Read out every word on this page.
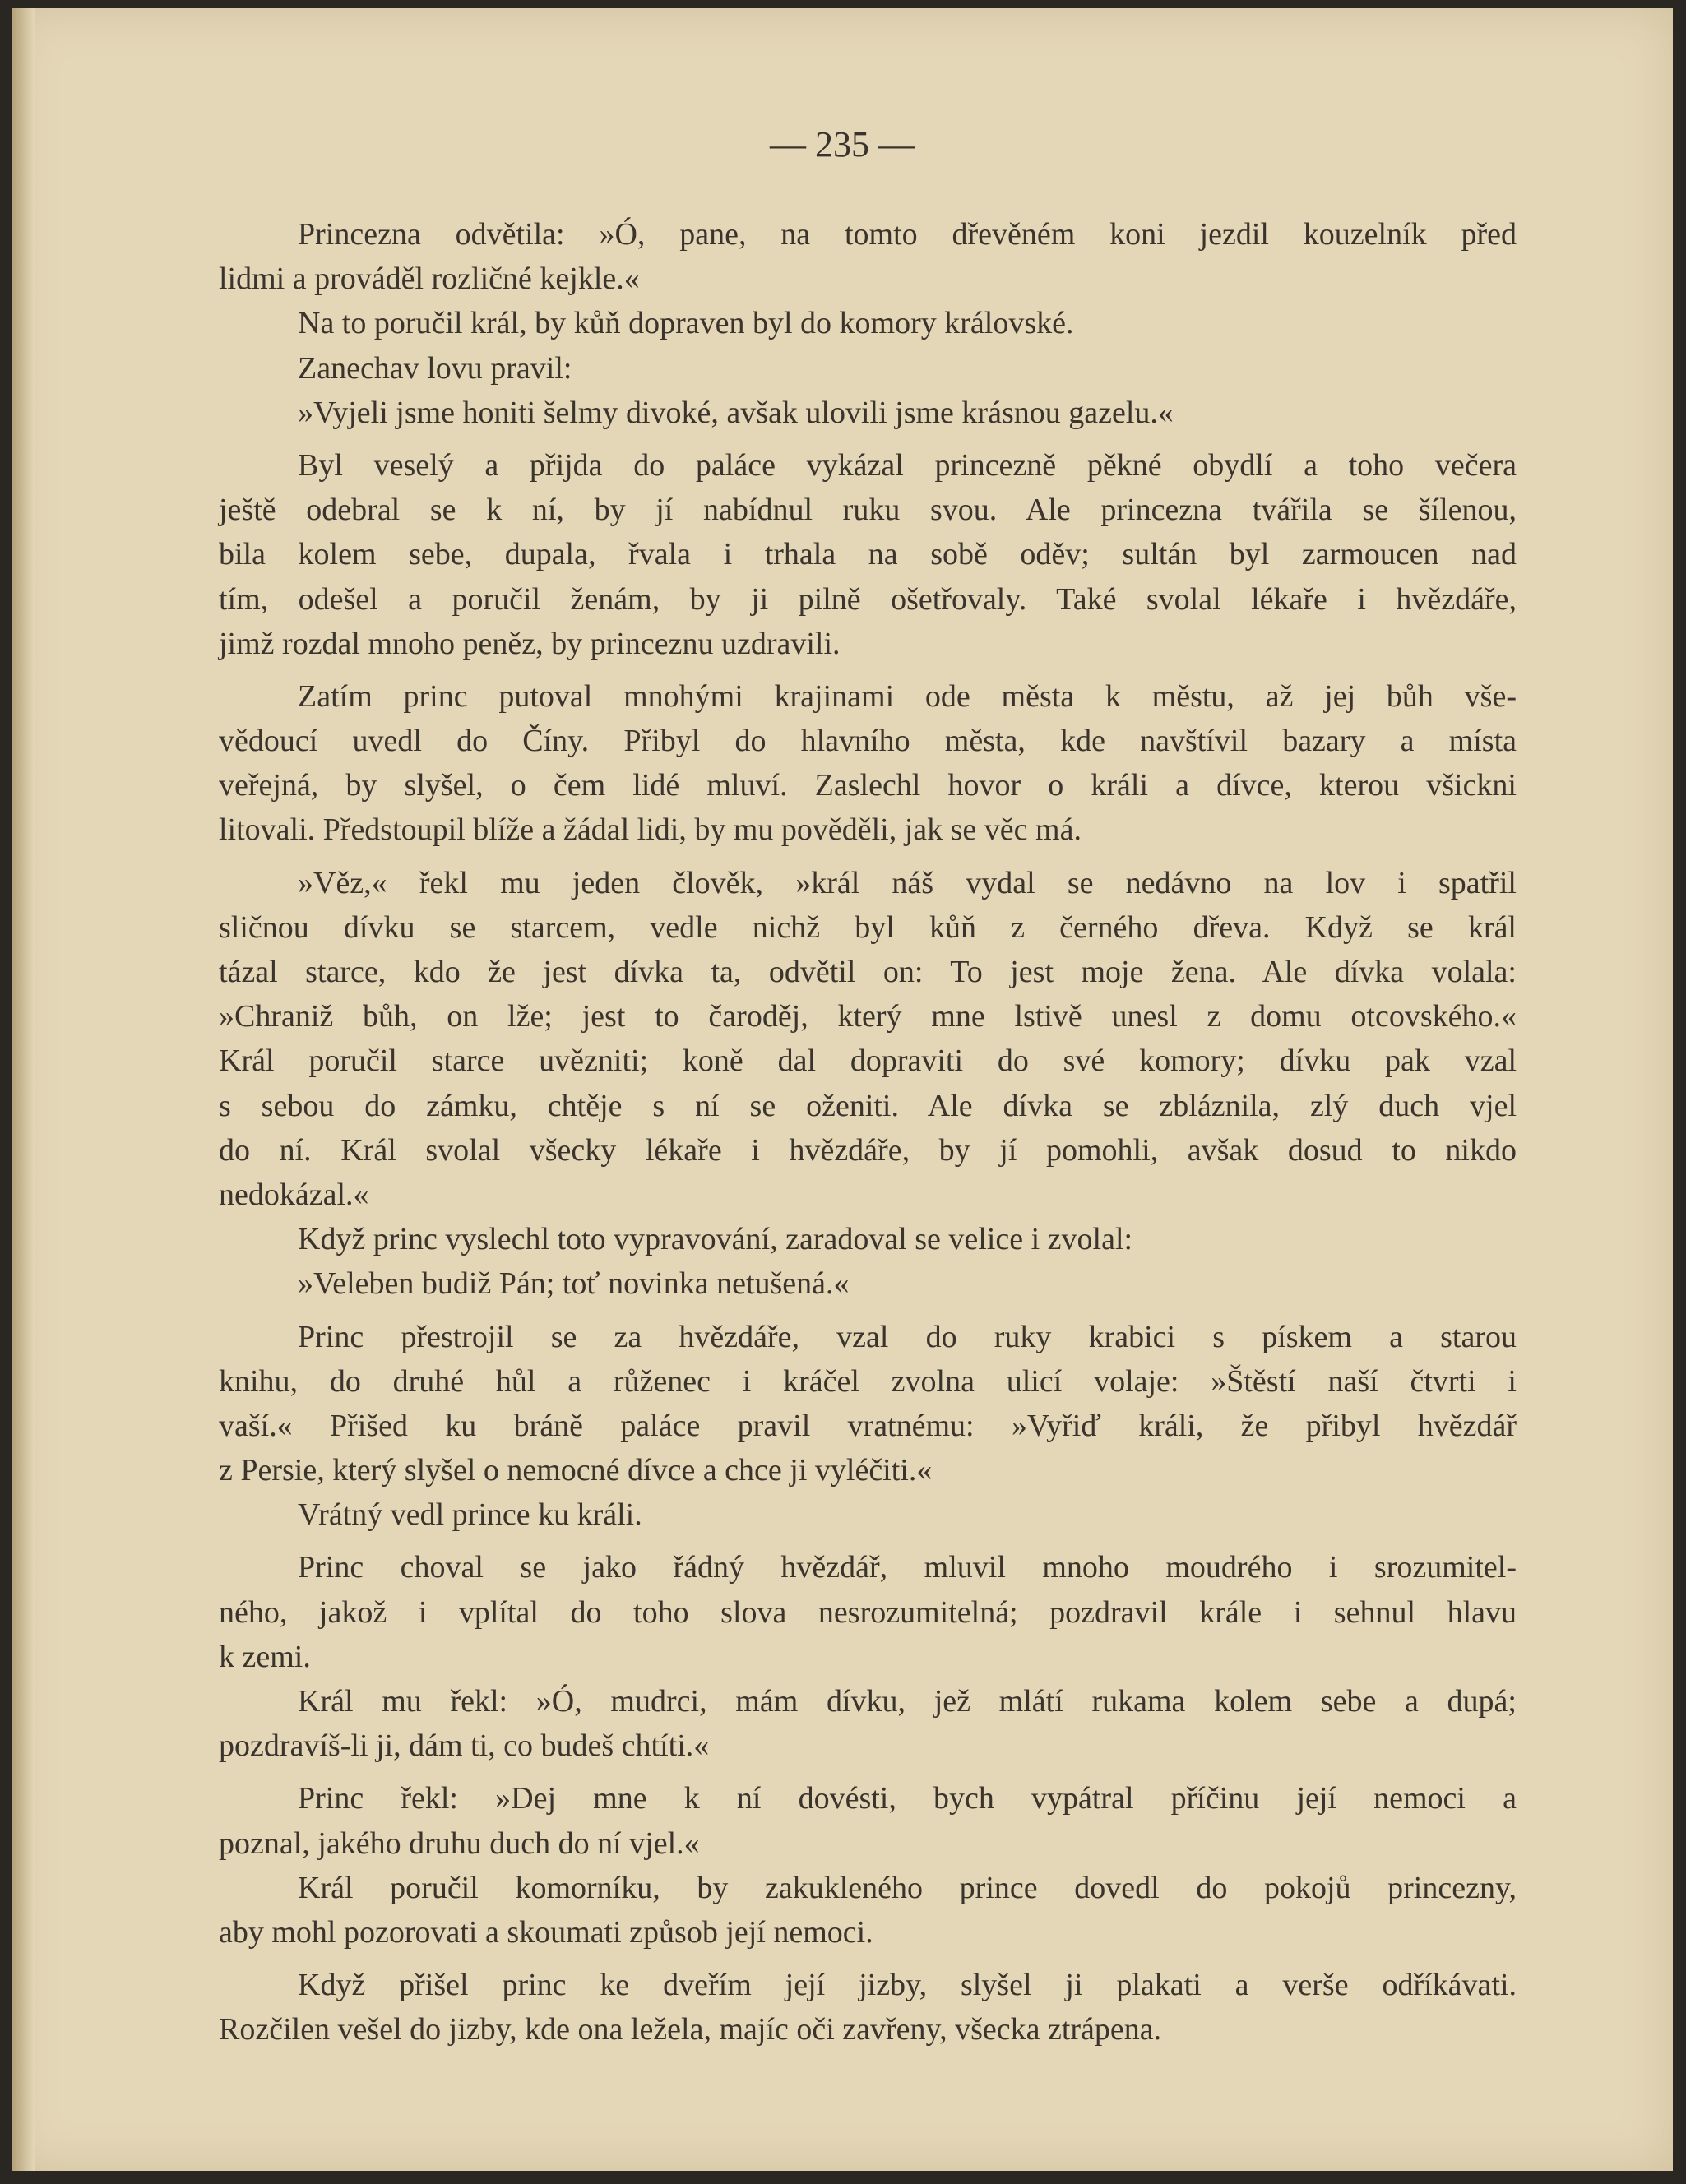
— 235 —
Princezna odvětila: »Ó, pane, na tomto dřevěném koni jezdil kouzelník před
lidmi a prováděl rozličné kejkle.«
Na to poručil král, by kůň dopraven byl do komory královské.
Zanechav lovu pravil:
»Vyjeli jsme honiti šelmy divoké, avšak ulovili jsme krásnou gazelu.«
Byl veselý a přijda do paláce vykázal princezně pěkné obydlí a toho večera
ještě odebral se k ní, by jí nabídnul ruku svou. Ale princezna tvářila se šílenou,
bila kolem sebe, dupala, řvala i trhala na sobě oděv; sultán byl zarmoucen nad
tím, odešel a poručil ženám, by ji pilně ošetřovaly. Také svolal lékaře i hvězdáře,
jimž rozdal mnoho peněz, by princeznu uzdravili.
Zatím princ putoval mnohými krajinami ode města k městu, až jej bůh vše-
vědoucí uvedl do Číny. Přibyl do hlavního města, kde navštívil bazary a místa
veřejná, by slyšel, o čem lidé mluví. Zaslechl hovor o králi a dívce, kterou všickni
litovali. Předstoupil blíže a žádal lidi, by mu pověděli, jak se věc má.
»Věz,« řekl mu jeden člověk, »král náš vydal se nedávno na lov i spatřil
sličnou dívku se starcem, vedle nichž byl kůň z černého dřeva. Když se král
tázal starce, kdo že jest dívka ta, odvětil on: To jest moje žena. Ale dívka volala:
»Chraniž bůh, on lže; jest to čaroděj, který mne lstivě unesl z domu otcovského.«
Král poručil starce uvězniti; koně dal dopraviti do své komory; dívku pak vzal
s sebou do zámku, chtěje s ní se oženiti. Ale dívka se zbláznila, zlý duch vjel
do ní. Král svolal všecky lékaře i hvězdáře, by jí pomohli, avšak dosud to nikdo
nedokázal.«
Když princ vyslechl toto vypravování, zaradoval se velice i zvolal:
»Veleben budiž Pán; toť novinka netušená.«
Princ přestrojil se za hvězdáře, vzal do ruky krabici s pískem a starou
knihu, do druhé hůl a růženec i kráčel zvolna ulicí volaje: »Štěstí naší čtvrti i
vaší.« Přišed ku bráně paláce pravil vratnému: »Vyřiď králi, že přibyl hvězdář
z Persie, který slyšel o nemocné dívce a chce ji vyléčiti.«
Vrátný vedl prince ku králi.
Princ choval se jako řádný hvězdář, mluvil mnoho moudrého i srozumitel-
ného, jakož i vplítal do toho slova nesrozumitelná; pozdravil krále i sehnul hlavu
k zemi.
Král mu řekl: »Ó, mudrci, mám dívku, jež mlátí rukama kolem sebe a dupá;
pozdravíš-li ji, dám ti, co budeš chtíti.«
Princ řekl: »Dej mne k ní dovésti, bych vypátral příčinu její nemoci a
poznal, jakého druhu duch do ní vjel.«
Král poručil komorníku, by zakukleného prince dovedl do pokojů princezny,
aby mohl pozorovati a skoumati způsob její nemoci.
Když přišel princ ke dveřím její jizby, slyšel ji plakati a verše odříkávati.
Rozčilen vešel do jizby, kde ona ležela, majíc oči zavřeny, všecka ztrápena.
